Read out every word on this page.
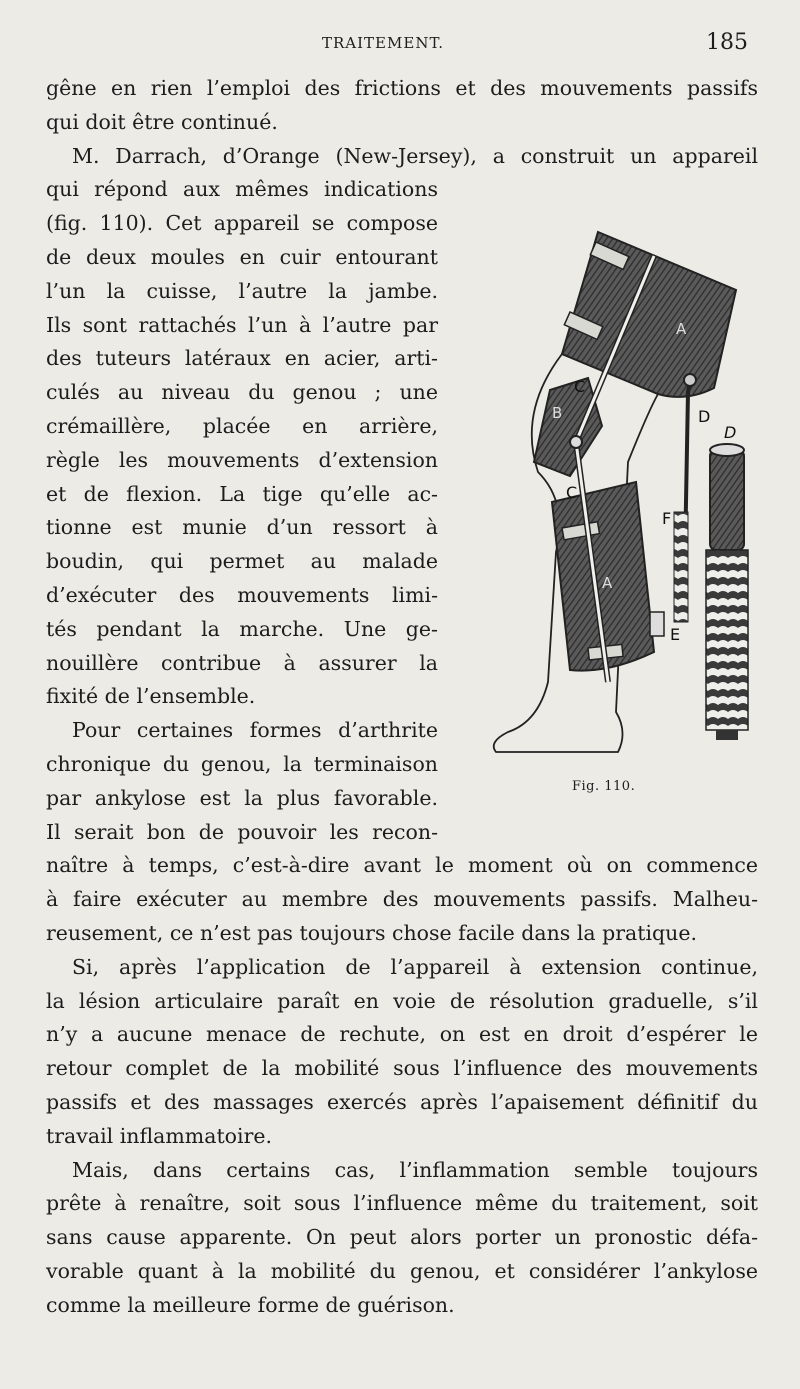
TRAITEMENT.	185

gêne en rien l’emploi des frictions et des mouvements passifs
qui doit être continué.

M. Darrach, d’Orange (New-Jersey), a construit un appareil
qui répond aux mêmes indications
(fig. 110). Cet appareil se compose
de deux moules en cuir entourant
l’un la cuisse, l’autre la jambe.
Ils sont rattachés l’un à l’autre par
des tuteurs latéraux en acier, arti-
culés au niveau du genou ; une
crémaillère, placée en arrière,
règle les mouvements d’extension
et de flexion. La tige qu’elle ac-
tionne est munie d’un ressort à
boudin, qui permet au malade
d’exécuter des mouvements limi-
tés pendant la marche. Une ge-
nouillère contribue à assurer la
fixité de l’ensemble.

Pour certaines formes d’arthrite
chronique du genou, la terminaison
par ankylose est la plus favorable.
Il serait bon de pouvoir les recon-
naître à temps, c’est-à-dire avant le moment où on commence
à faire exécuter au membre des mouvements passifs. Malheu-
reusement, ce n’est pas toujours chose facile dans la pratique.

Si, après l’application de l’appareil à extension continue,
la lésion articulaire paraît en voie de résolution graduelle, s’il
n’y a aucune menace de rechute, on est en droit d’espérer le
retour complet de la mobilité sous l’influence des mouvements
passifs et des massages exercés après l’apaisement définitif du
travail inflammatoire.

Mais, dans certains cas, l’inflammation semble toujours
prête à renaître, soit sous l’influence même du traitement, soit
sans cause apparente. On peut alors porter un pronostic défa-
vorable quant à la mobilité du genou, et considérer l’ankylose
comme la meilleure forme de guérison.

A
B
C
C
D
D
F
A
E
Fig. 110.
